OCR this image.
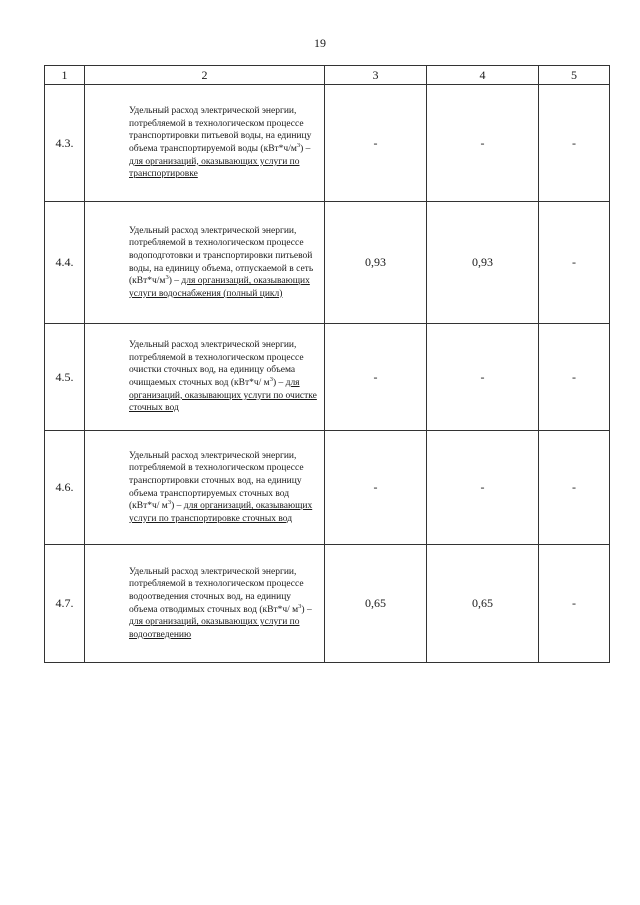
19
1	2	3	4	5
4.3.	Удельный расход электрической энергии, потребляемой в технологическом процессе транспортировки питьевой воды, на единицу объема транспортируемой воды $(кВт*ч/м^3)$ – для организаций, оказывающих услуги по транспортировке	-	-	-
4.4.	Удельный расход электрической энергии, потребляемой в технологическом процессе водоподготовки и транспортировки питьевой воды, на единицу объема, отпускаемой в сеть $(кВт*ч/м^3)$ – для организаций, оказывающих услуги водоснабжения (полный цикл)	0,93	0,93	-
4.5.	Удельный расход электрической энергии, потребляемой в технологическом процессе очистки сточных вод, на единицу объема очищаемых сточных вод (кВт*ч/ $м^3$) – для организаций, оказывающих услуги по очистке сточных вод	-	-	-
4.6.	Удельный расход электрической энергии, потребляемой в технологическом процессе транспортировки сточных вод, на единицу объема транспортируемых сточных вод (кВт*ч/ $м^3$) – для организаций, оказывающих услуги по транспортировке сточных вод	-	-	-
4.7.	Удельный расход электрической энергии, потребляемой в технологическом процессе водоотведения сточных вод, на единицу объема отводимых сточных вод (кВт*ч/ $м^3$) – для организаций, оказывающих услуги по водоотведению	0,65	0,65	-
